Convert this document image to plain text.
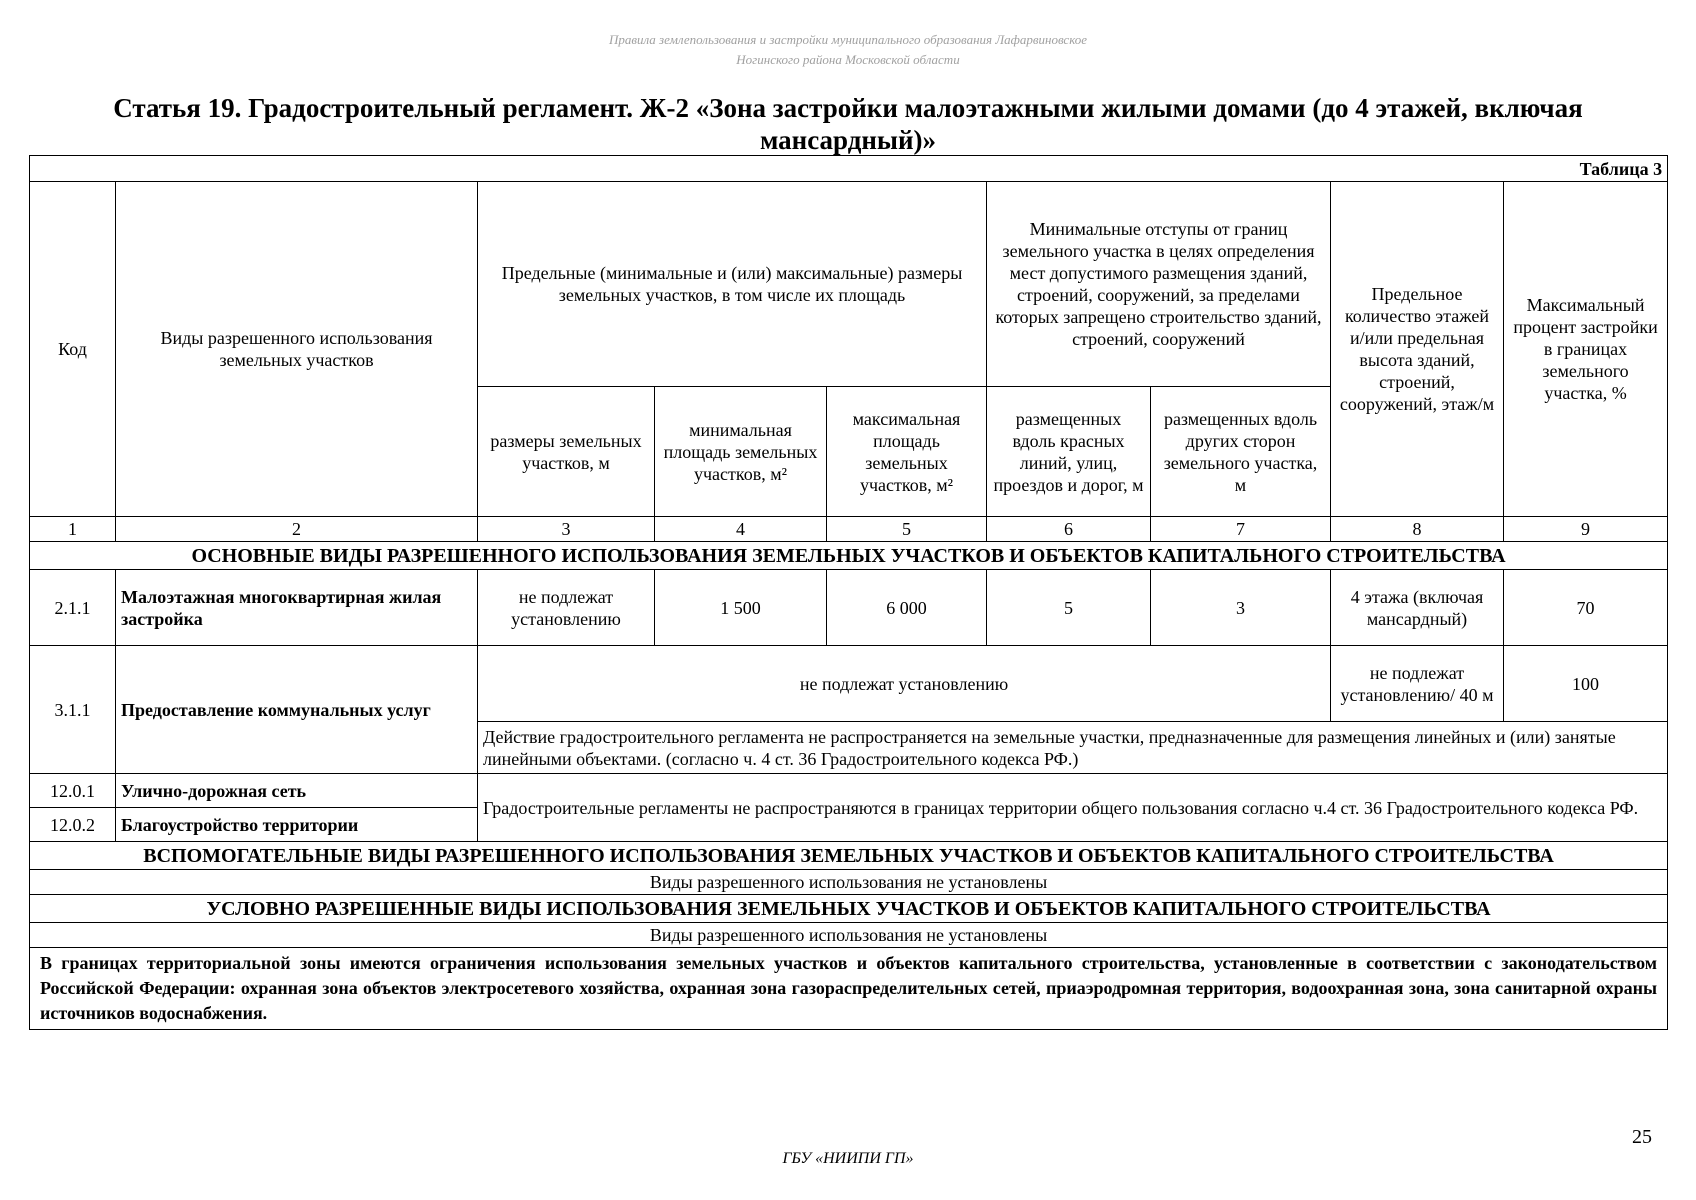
Правила землепользования и застройки муниципального образования Лафарвиновское
Ногинского района Московской области
Статья 19. Градостроительный регламент. Ж-2 «Зона застройки малоэтажными жилыми домами (до 4 этажей, включая мансардный)»
Таблица 3								
Код	Виды разрешенного использования земельных участков	Предельные (минимальные и (или) максимальные) размеры земельных участков, в том числе их площадь			Минимальные отступы от границ земельного участка в целях определения мест допустимого размещения зданий, строений, сооружений, за пределами которых запрещено строительство зданий, строений, сооружений		Предельное количество этажей и/или предельная высота зданий, строений, сооружений, этаж/м	Максимальный процент застройки в границах земельного участка, %
		размеры земельных участков, м	минимальная площадь земельных участков, м²	максимальная площадь земельных участков, м²	размещенных вдоль красных линий, улиц, проездов и дорог, м	размещенных вдоль других сторон земельного участка, м		
1	2	3	4	5	6	7	8	9
ОСНОВНЫЕ ВИДЫ РАЗРЕШЕННОГО ИСПОЛЬЗОВАНИЯ ЗЕМЕЛЬНЫХ УЧАСТКОВ И ОБЪЕКТОВ КАПИТАЛЬНОГО СТРОИТЕЛЬСТВА								
2.1.1	Малоэтажная многоквартирная жилая застройка	не подлежат установлению	1 500	6 000	5	3	4 этажа (включая мансардный)	70
3.1.1	Предоставление коммунальных услуг	не подлежат установлению					не подлежат установлению/ 40 м	100
		Действие градостроительного регламента не распространяется на земельные участки, предназначенные для размещения линейных и (или) занятые линейными объектами. (согласно ч. 4 ст. 36 Градостроительного кодекса РФ.)						
12.0.1	Улично-дорожная сеть	Градостроительные регламенты не распространяются в границах территории общего пользования согласно ч.4 ст. 36 Градостроительного кодекса РФ.						
12.0.2	Благоустройство территории							
ВСПОМОГАТЕЛЬНЫЕ ВИДЫ РАЗРЕШЕННОГО ИСПОЛЬЗОВАНИЯ ЗЕМЕЛЬНЫХ УЧАСТКОВ И ОБЪЕКТОВ КАПИТАЛЬНОГО СТРОИТЕЛЬСТВА								
Виды разрешенного использования не установлены								
УСЛОВНО РАЗРЕШЕННЫЕ ВИДЫ ИСПОЛЬЗОВАНИЯ ЗЕМЕЛЬНЫХ УЧАСТКОВ И ОБЪЕКТОВ КАПИТАЛЬНОГО СТРОИТЕЛЬСТВА								
Виды разрешенного использования не установлены								
В границах территориальной зоны имеются ограничения использования земельных участков и объектов капитального строительства, установленные в соответствии с законодательством Российской Федерации: охранная зона объектов электросетевого хозяйства, охранная зона газораспределительных сетей, приаэродромная территория, водоохранная зона, зона санитарной охраны источников водоснабжения.								
25
ГБУ «НИИПИ ГП»
